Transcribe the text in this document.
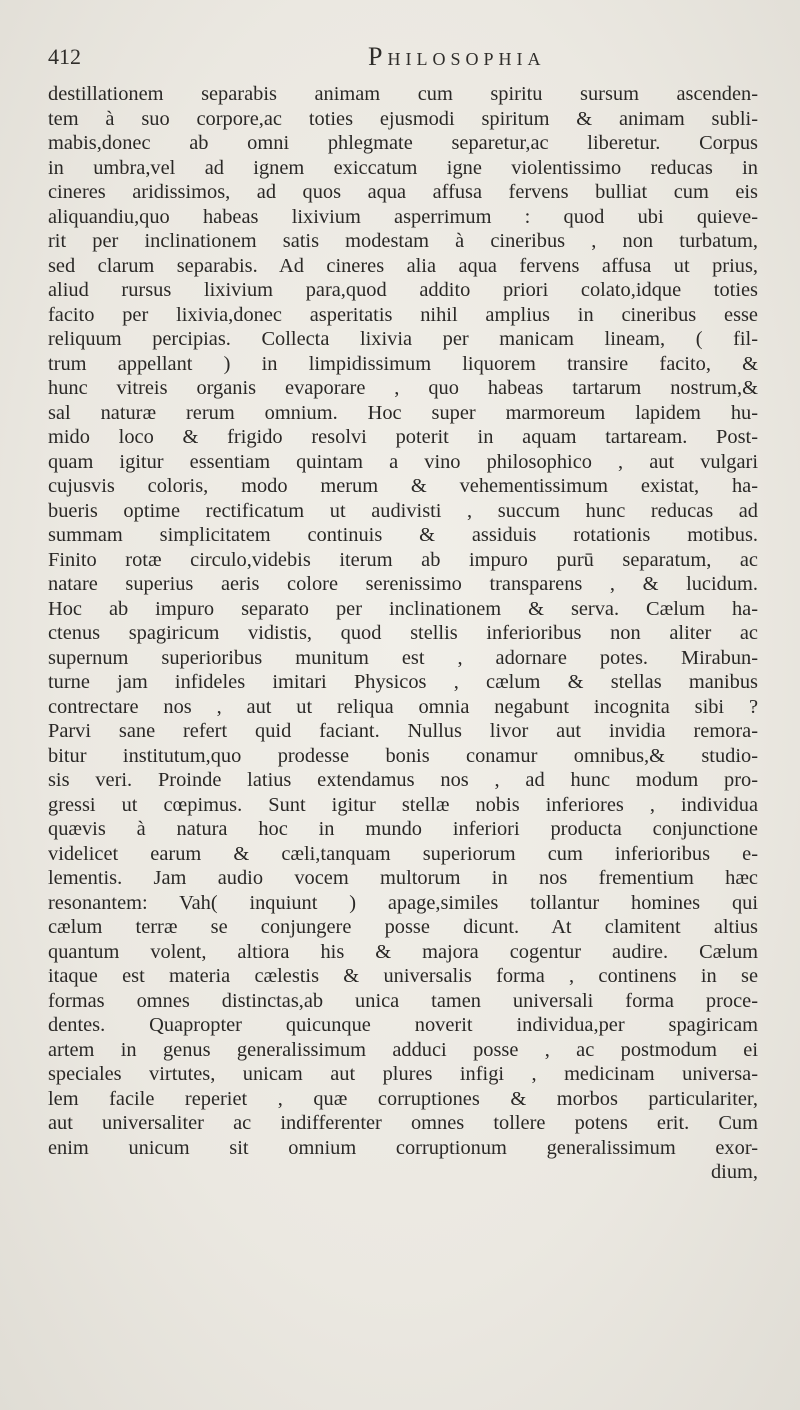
412	Philosophia
destillationem separabis animam cum spiritu sursum ascenden-
tem à suo corpore,ac toties ejusmodi spiritum & animam subli-
mabis,donec ab omni phlegmate separetur,ac liberetur. Corpus
in umbra,vel ad ignem exiccatum igne violentissimo reducas in
cineres aridissimos, ad quos aqua affusa fervens bulliat cum eis
aliquandiu,quo habeas lixivium asperrimum : quod ubi quieve-
rit per inclinationem satis modestam à cineribus , non turbatum,
sed clarum separabis. Ad cineres alia aqua fervens affusa ut prius,
aliud rursus lixivium para,quod addito priori colato,idque toties
facito per lixivia,donec asperitatis nihil amplius in cineribus esse
reliquum percipias. Collecta lixivia per manicam lineam, ( fil-
trum appellant ) in limpidissimum liquorem transire facito, &
hunc vitreis organis evaporare , quo habeas tartarum nostrum,&
sal naturæ rerum omnium. Hoc super marmoreum lapidem hu-
mido loco & frigido resolvi poterit in aquam tartaream. Post-
quam igitur essentiam quintam a vino philosophico , aut vulgari
cujusvis coloris, modo merum & vehementissimum existat, ha-
bueris optime rectificatum ut audivisti , succum hunc reducas ad
summam simplicitatem continuis & assiduis rotationis motibus.
Finito rotæ circulo,videbis iterum ab impuro purū separatum, ac
natare superius aeris colore serenissimo transparens , & lucidum.
Hoc ab impuro separato per inclinationem & serva. Cælum ha-
ctenus spagiricum vidistis, quod stellis inferioribus non aliter ac
supernum superioribus munitum est , adornare potes. Mirabun-
turne jam infideles imitari Physicos , cælum & stellas manibus
contrectare nos , aut ut reliqua omnia negabunt incognita sibi ?
Parvi sane refert quid faciant. Nullus livor aut invidia remora-
bitur institutum,quo prodesse bonis conamur omnibus,& studio-
sis veri. Proinde latius extendamus nos , ad hunc modum pro-
gressi ut cœpimus. Sunt igitur stellæ nobis inferiores , individua
quævis à natura hoc in mundo inferiori producta conjunctione
videlicet earum & cæli,tanquam superiorum cum inferioribus e-
lementis. Jam audio vocem multorum in nos frementium hæc
resonantem: Vah( inquiunt ) apage,similes tollantur homines qui
cælum terræ se conjungere posse dicunt. At clamitent altius
quantum volent, altiora his & majora cogentur audire. Cælum
itaque est materia cælestis & universalis forma , continens in se
formas omnes distinctas,ab unica tamen universali forma proce-
dentes. Quapropter quicunque noverit individua,per spagiricam
artem in genus generalissimum adduci posse , ac postmodum ei
speciales virtutes, unicam aut plures infigi , medicinam universa-
lem facile reperiet , quæ corruptiones & morbos particulariter,
aut universaliter ac indifferenter omnes tollere potens erit. Cum
enim unicum sit omnium corruptionum generalissimum exor-
dium,
